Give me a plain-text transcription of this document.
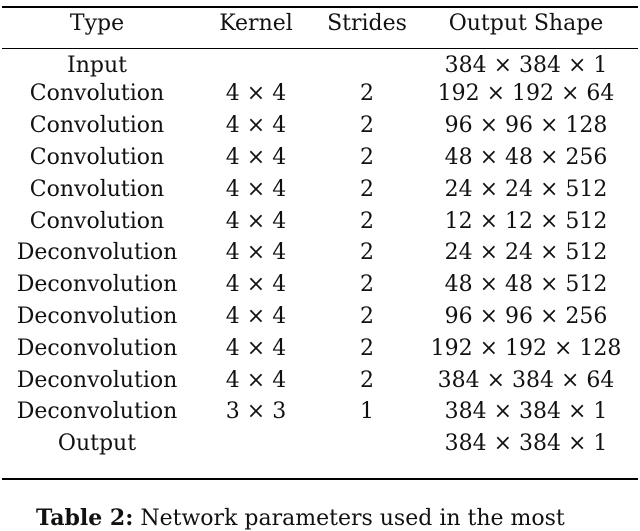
Type	Kernel	Strides	Output Shape
Input			384 × 384 × 1
Convolution	4 × 4	2	192 × 192 × 64
Convolution	4 × 4	2	96 × 96 × 128
Convolution	4 × 4	2	48 × 48 × 256
Convolution	4 × 4	2	24 × 24 × 512
Convolution	4 × 4	2	12 × 12 × 512
Deconvolution	4 × 4	2	24 × 24 × 512
Deconvolution	4 × 4	2	48 × 48 × 512
Deconvolution	4 × 4	2	96 × 96 × 256
Deconvolution	4 × 4	2	192 × 192 × 128
Deconvolution	4 × 4	2	384 × 384 × 64
Deconvolution	3 × 3	1	384 × 384 × 1
Output			384 × 384 × 1
Table 2: Network parameters used in the most
